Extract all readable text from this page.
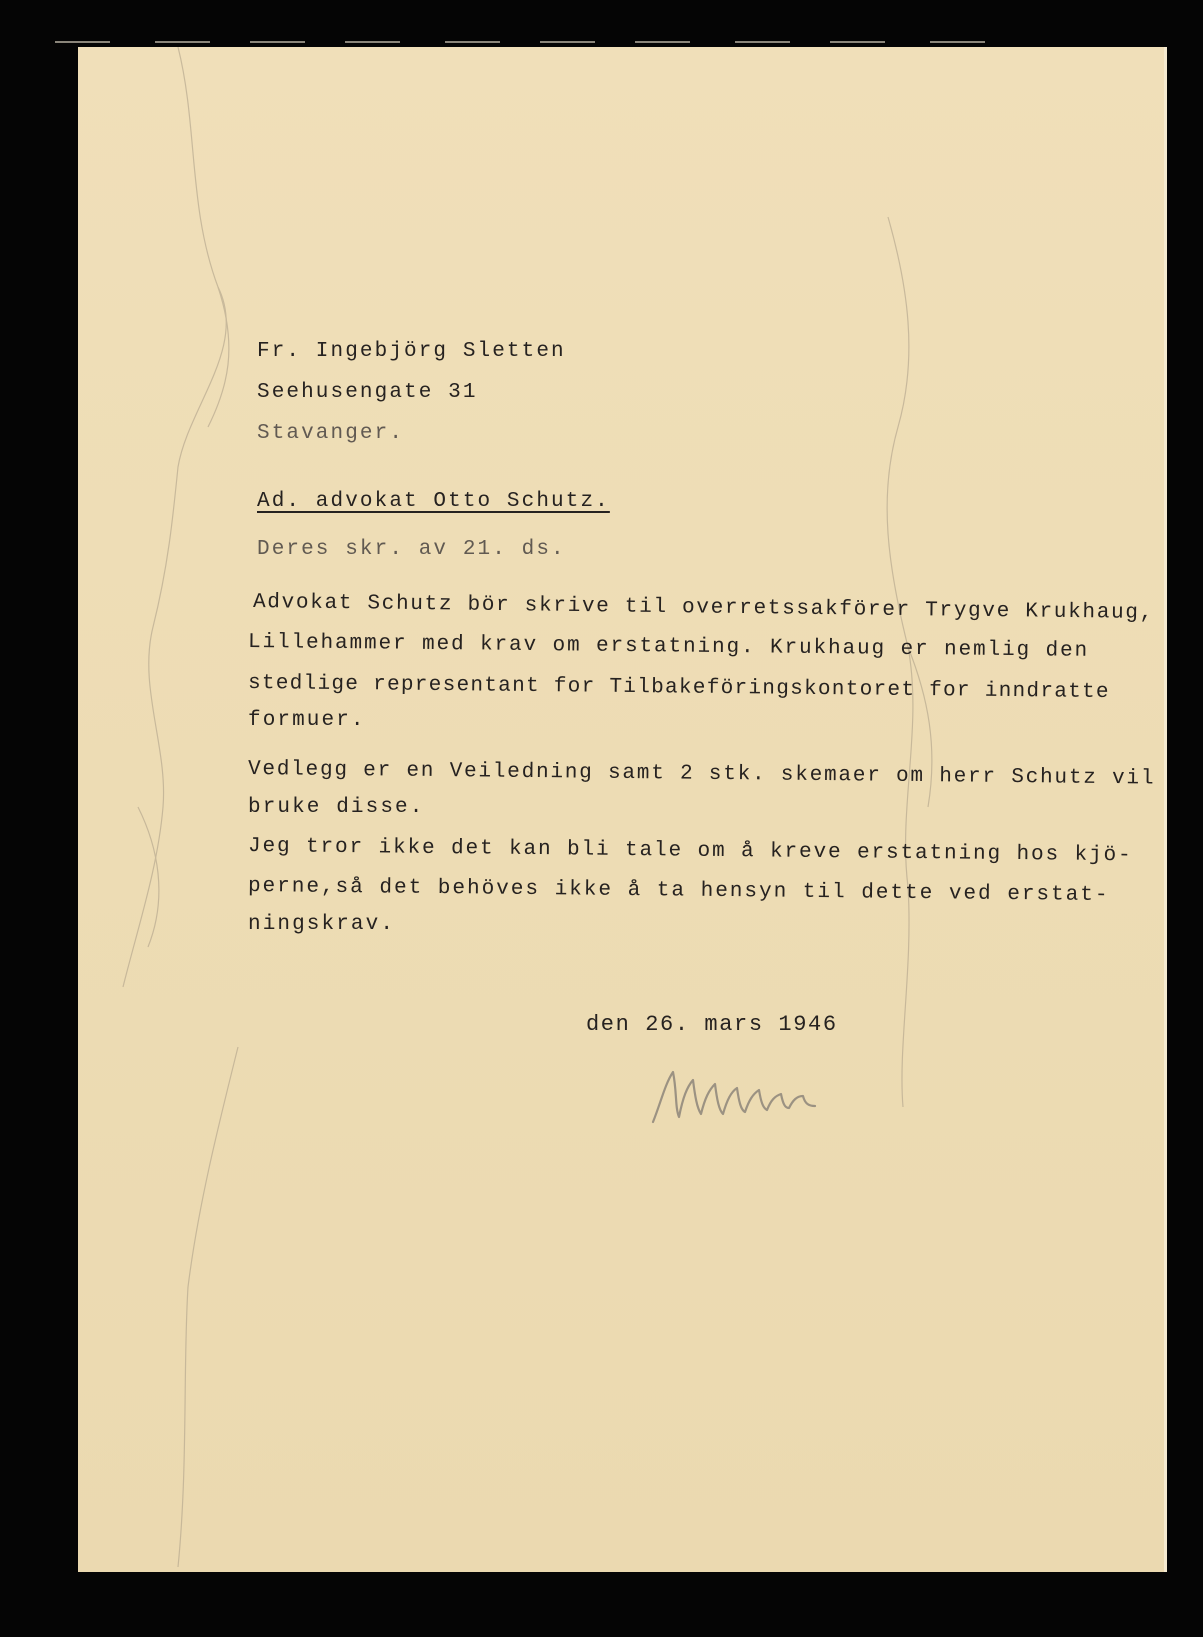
Fr. Ingebjörg Sletten
Seehusengate 31
Stavanger.
Ad. advokat Otto Schutz.
Deres skr. av 21. ds.
Advokat Schutz bör skrive til overretssakförer Trygve Krukhaug,
Lillehammer med krav om erstatning. Krukhaug er nemlig den
stedlige representant for Tilbakeföringskontoret for inndratte
formuer.
Vedlegg er en Veiledning samt 2 stk. skemaer om herr Schutz vil
bruke disse.
Jeg tror ikke det kan bli tale om å kreve erstatning hos kjö-
perne,så det behöves ikke å ta hensyn til dette ved erstat-
ningskrav.
den 26. mars 1946
